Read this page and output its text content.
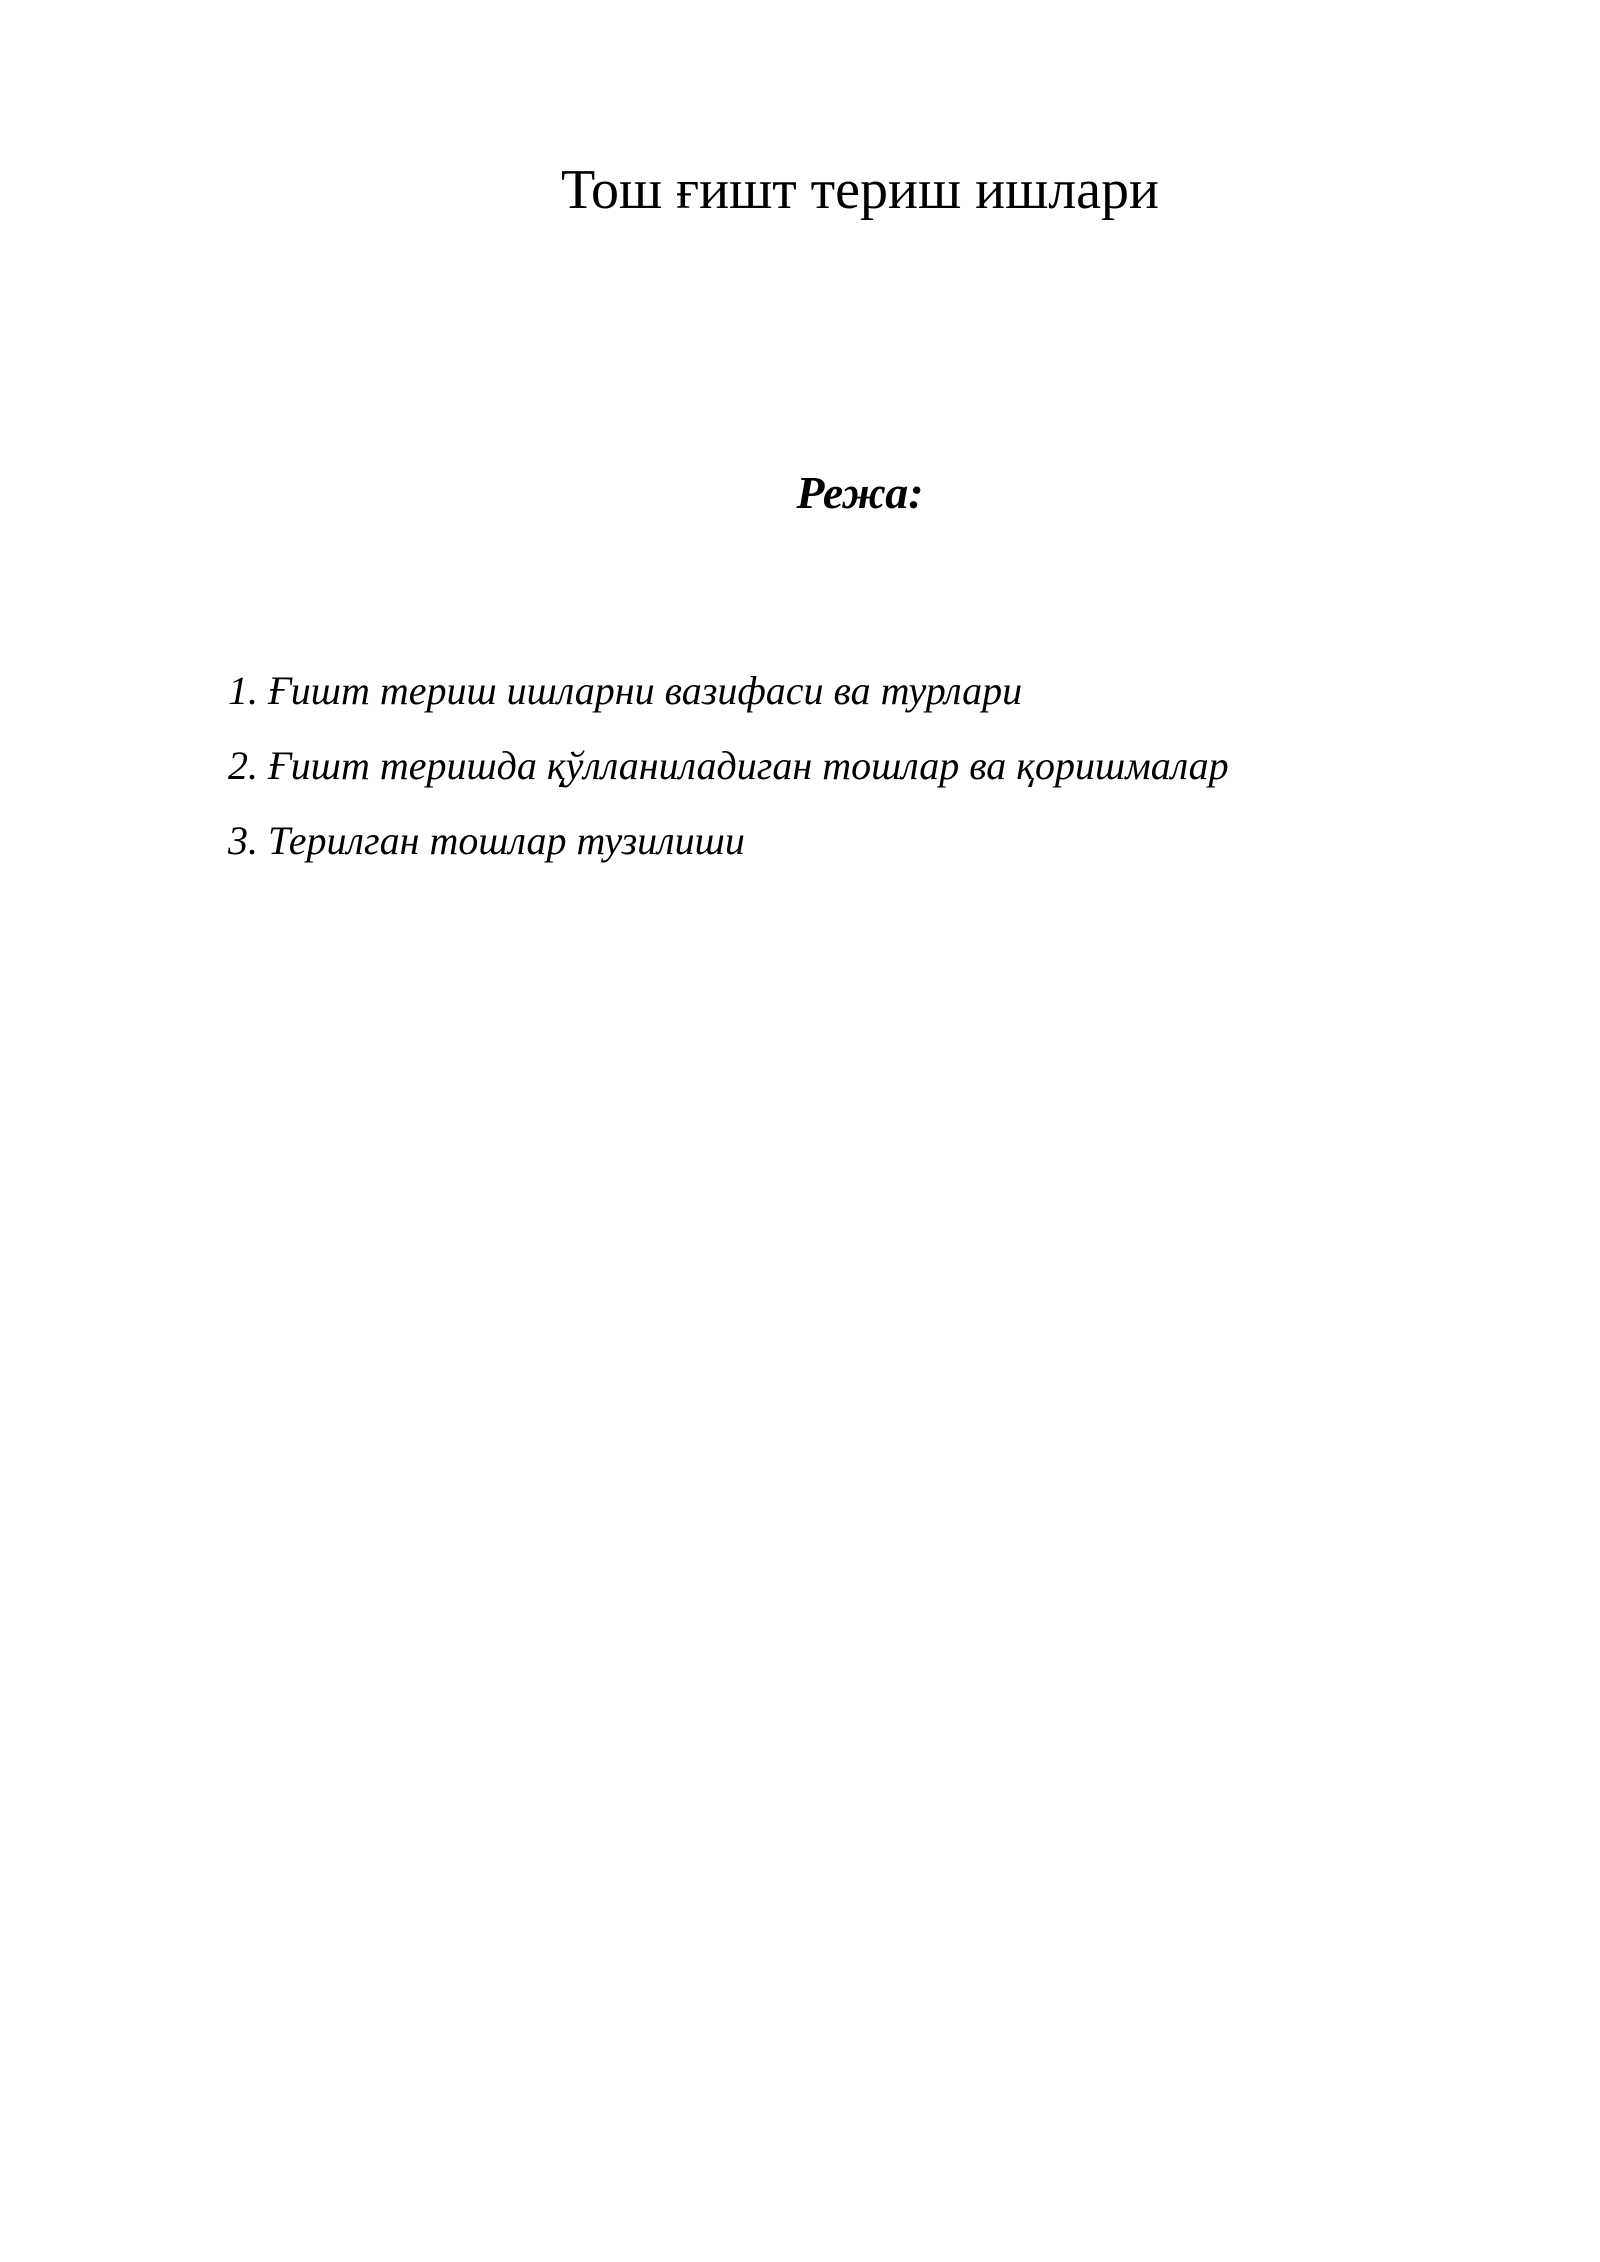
Тош ғишт териш ишлари
Режа:
1. Ғишт териш ишларни вазифаси ва турлари
2. Ғишт теришда қўлланиладиган тошлар ва қоришмалар
3. Терилган тошлар тузилиши
